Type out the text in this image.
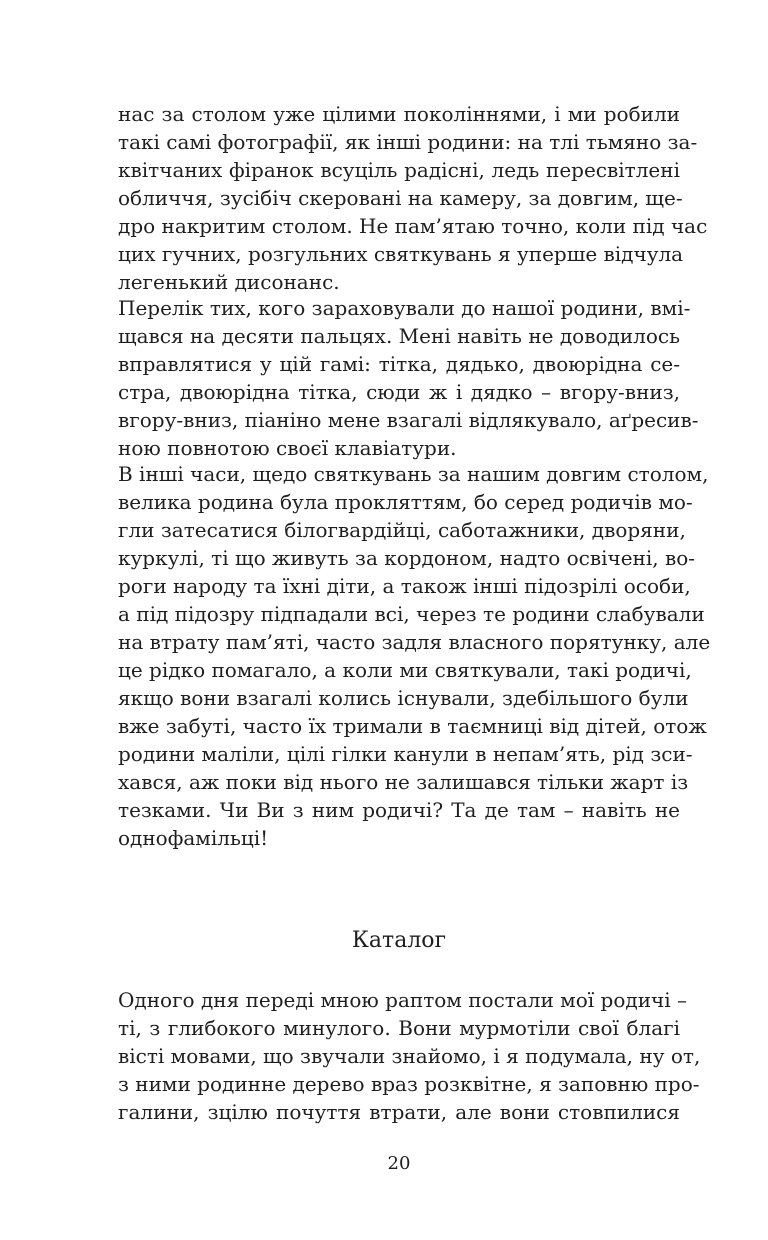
нас за столом уже цілими поколіннями, і ми робили
такі самі фотографії, як інші родини: на тлі тьмяно за-
квітчаних фіранок всуціль радісні, ледь пересвітлені
обличчя, зусібіч скеровані на камеру, за довгим, ще-
дро накритим столом. Не пам’ятаю точно, коли під час
цих гучних, розгульних святкувань я уперше відчула
легенький дисонанс.
Перелік тих, кого зараховували до нашої родини, вмі-
щався на десяти пальцях. Мені навіть не доводилось
вправлятися у цій гамі: тітка, дядько, двоюрідна се-
стра, двоюрідна тітка, сюди ж і дядко – вгору-вниз,
вгору-вниз, піаніно мене взагалі відлякувало, аґресив-
ною повнотою своєї клавіатури.
В інші часи, щедо святкувань за нашим довгим столом,
велика родина була прокляттям, бо серед родичів мо-
гли затесатися білогвардійці, саботажники, дворяни,
куркулі, ті що живуть за кордоном, надто освічені, во-
роги народу та їхні діти, а також інші підозрілі особи,
а під підозру підпадали всі, через те родини слабували
на втрату пам’яті, часто задля власного порятунку, але
це рідко помагало, а коли ми святкували, такі родичі,
якщо вони взагалі колись існували, здебільшого були
вже забуті, часто їх тримали в таємниці від дітей, отож
родини маліли, цілі гілки канули в непам’ять, рід зси-
хався, аж поки від нього не залишався тільки жарт із
тезками. Чи Ви з ним родичі? Та де там – навіть не
однофамільці!
Каталог
Одного дня переді мною раптом постали мої родичі –
ті, з глибокого минулого. Вони мурмотіли свої благі
вісті мовами, що звучали знайомо, і я подумала, ну от,
з ними родинне дерево враз розквітне, я заповню про-
галини, зцілю почуття втрати, але вони стовпилися
20
